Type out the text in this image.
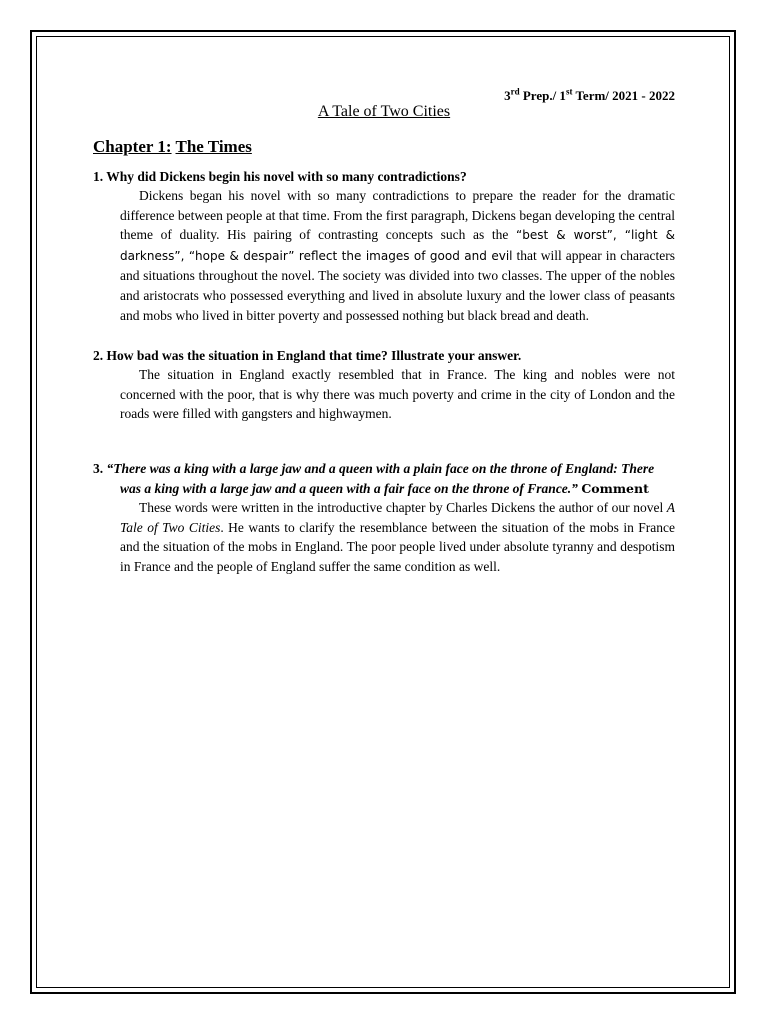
3rd Prep./ 1st Term/ 2021 - 2022
A Tale of Two Cities
Chapter 1: The Times
1. Why did Dickens begin his novel with so many contradictions?
Dickens began his novel with so many contradictions to prepare the reader for the dramatic difference between people at that time. From the first paragraph, Dickens began developing the central theme of duality. His pairing of contrasting concepts such as the “best & worst”, “light & darkness”, “hope & despair” reflect the images of good and evil that will appear in characters and situations throughout the novel. The society was divided into two classes. The upper of the nobles and aristocrats who possessed everything and lived in absolute luxury and the lower class of peasants and mobs who lived in bitter poverty and possessed nothing but black bread and death.
2. How bad was the situation in England that time? Illustrate your answer.
The situation in England exactly resembled that in France. The king and nobles were not concerned with the poor, that is why there was much poverty and crime in the city of London and the roads were filled with gangsters and highwaymen.
3. “There was a king with a large jaw and a queen with a plain face on the throne of England: There was a king with a large jaw and a queen with a fair face on the throne of France.” Comment
These words were written in the introductive chapter by Charles Dickens the author of our novel A Tale of Two Cities. He wants to clarify the resemblance between the situation of the mobs in France and the situation of the mobs in England. The poor people lived under absolute tyranny and despotism in France and the people of England suffer the same condition as well.
